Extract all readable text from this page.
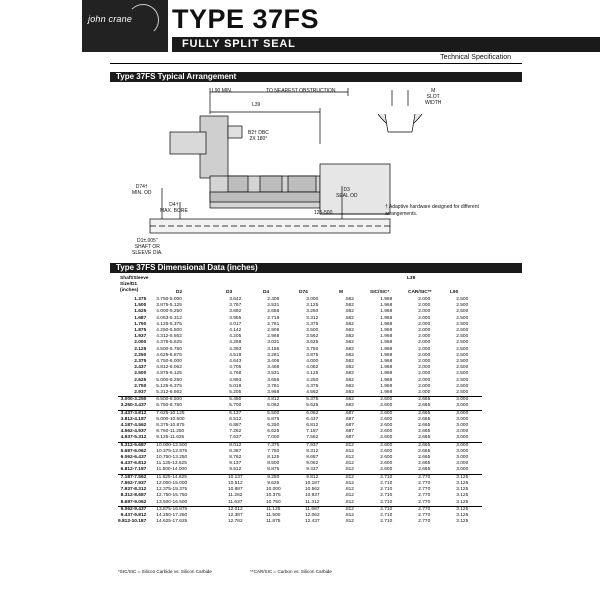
john crane TYPE 37FS
FULLY SPLIT SEAL
Technical Specification
Type 37FS Typical Arrangement
L90 MIN.	TO NEAREST OBSTRUCTION
L39
M
SLOT
WIDTH
B2† DBC
2X 180°
D74†
MIN. OD
D4†
MAX. BORE
D3
SEAL OD
125-500
D1±.005"
SHAFT OR
SLEEVE DIA.
† Adaptive hardware designed for different arrangements.
Type 37FS Dimensional Data (inches)
Shaft/Sleeve
Size/D1
(inches)
L39
D2	D3	D4	D74	M	SIC/SIC*	CAR/SIC**	L90
1.375	3.750-5.000	3.642	2.406	3.000	.562	1.968	2.000	2.500
1.500	3.875-5.125	3.767	2.531	3.125	.562	1.968	2.000	2.500
1.625	4.000-5.250	3.892	2.656	3.250	.562	1.968	2.000	2.500
1.687	4.063-5.312	3.955	2.718	3.312	.562	1.968	2.000	2.500
1.750	4.125-5.375	4.017	2.781	3.375	.562	1.968	2.000	2.500
1.875	4.250-5.500	4.142	2.906	3.500	.562	1.968	2.000	2.500
1.937	4.312-5.562	4.205	2.968	3.562	.562	1.968	2.000	2.500
2.000	4.375-5.625	4.268	3.031	3.625	.562	1.968	2.000	2.500
2.125	4.500-5.750	4.393	3.156	3.750	.562	1.968	2.000	2.500
2.250	4.625-5.875	4.518	3.281	3.875	.562	1.968	2.000	2.500
2.375	4.750-6.000	4.643	3.406	4.000	.562	1.968	2.000	2.500
2.437	4.812-6.062	4.705	3.468	4.062	.562	1.968	2.000	2.500
2.500	4.875-6.125	4.768	3.531	4.125	.562	1.968	2.000	2.500
2.625	5.000-6.250	4.893	3.656	4.250	.562	1.968	2.000	2.500
2.750	5.125-6.375	5.018	3.781	4.375	.562	1.968	2.000	2.500
2.937	5.312-6.562	5.205	3.968	4.562	.562	1.968	2.000	2.500
3.000-3.250	6.500-8.500	5.450	4.812	5.375	.562	2.600	2.665	3.000
3.250-3.437	6.750-8.750	5.700	5.062	5.625	.562	2.600	2.665	3.000
3.437-3.812	7.625-10.125	6.137	5.500	6.062	.687	2.600	2.665	3.000
3.812-4.187	8.000-10.500	6.512	5.875	6.437	.687	2.600	2.665	3.000
4.187-4.562	8.375-10.875	6.887	6.250	6.812	.687	2.600	2.665	3.000
4.562-4.937	8.750-11.250	7.262	6.625	7.187	.687	2.600	2.665	3.000
4.937-5.312	9.125-11.625	7.637	7.000	7.562	.687	2.600	2.665	3.000
5.312-5.687	10.000-12.500	8.012	7.375	7.937	.812	2.600	2.665	3.000
5.687-6.062	10.375-12.875	8.387	7.750	8.312	.812	2.600	2.665	3.000
6.062-6.437	10.750-13.250	8.762	8.125	8.687	.812	2.600	2.665	3.000
6.437-6.812	11.125-13.625	9.137	8.500	9.062	.812	2.600	2.665	3.000
6.812-7.187	11.500-14.000	9.512	8.875	9.437	.812	2.600	2.665	3.000
7.187-7.562	11.625-14.625	10.137	9.250	9.812	.812	2.710	2.770	3.125
7.562-7.937	12.000-15.000	10.512	9.625	10.187	.812	2.710	2.770	3.125
7.937-8.312	12.375-15.375	10.887	10.000	10.562	.812	2.710	2.770	3.125
8.312-8.687	12.750-15.750	11.262	10.375	10.937	.812	2.710	2.770	3.125
8.687-9.062	13.500-16.500	11.637	10.750	11.312	.812	2.710	2.770	3.125
9.062-9.437	13.875-16.875	12.012	11.125	11.687	.812	2.710	2.770	3.125
9.437-9.812	14.250-17.250	12.387	11.500	12.062	.812	2.710	2.770	3.125
9.812-10.187	14.625-17.625	12.762	11.875	12.437	.812	2.710	2.770	3.125
*SIC/SIC = Silicon Carbide vs. Silicon Carbide	**CAR/SIC = Carbon vs. Silicon Carbide
